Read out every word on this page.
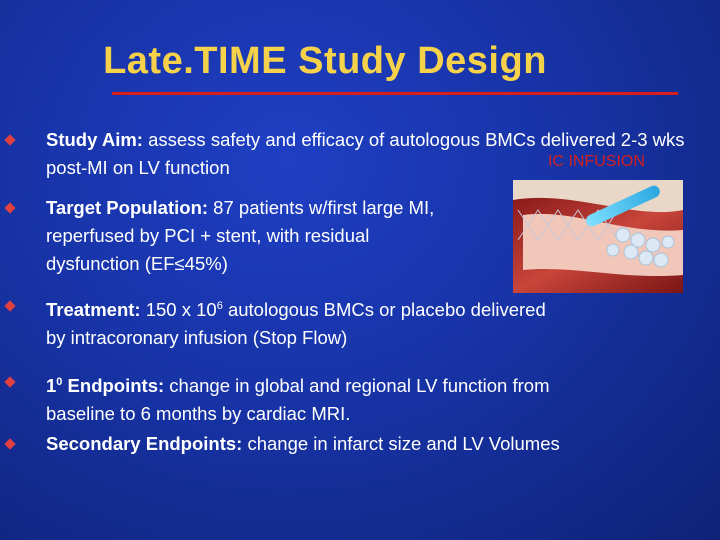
Late.TIME Study Design
Study Aim: assess safety and efficacy of autologous BMCs delivered 2-3 wks post-MI on LV function	IC INFUSION
Target Population: 87 patients w/first large MI, reperfused by PCI + stent, with residual dysfunction (EF≤45%)
Treatment: 150 x $10^6$ autologous BMCs or placebo delivered by intracoronary infusion (Stop Flow)
$1^0$ Endpoints: change in global and regional LV function from baseline to 6 months by cardiac MRI.
Secondary Endpoints: change in infarct size and LV Volumes
